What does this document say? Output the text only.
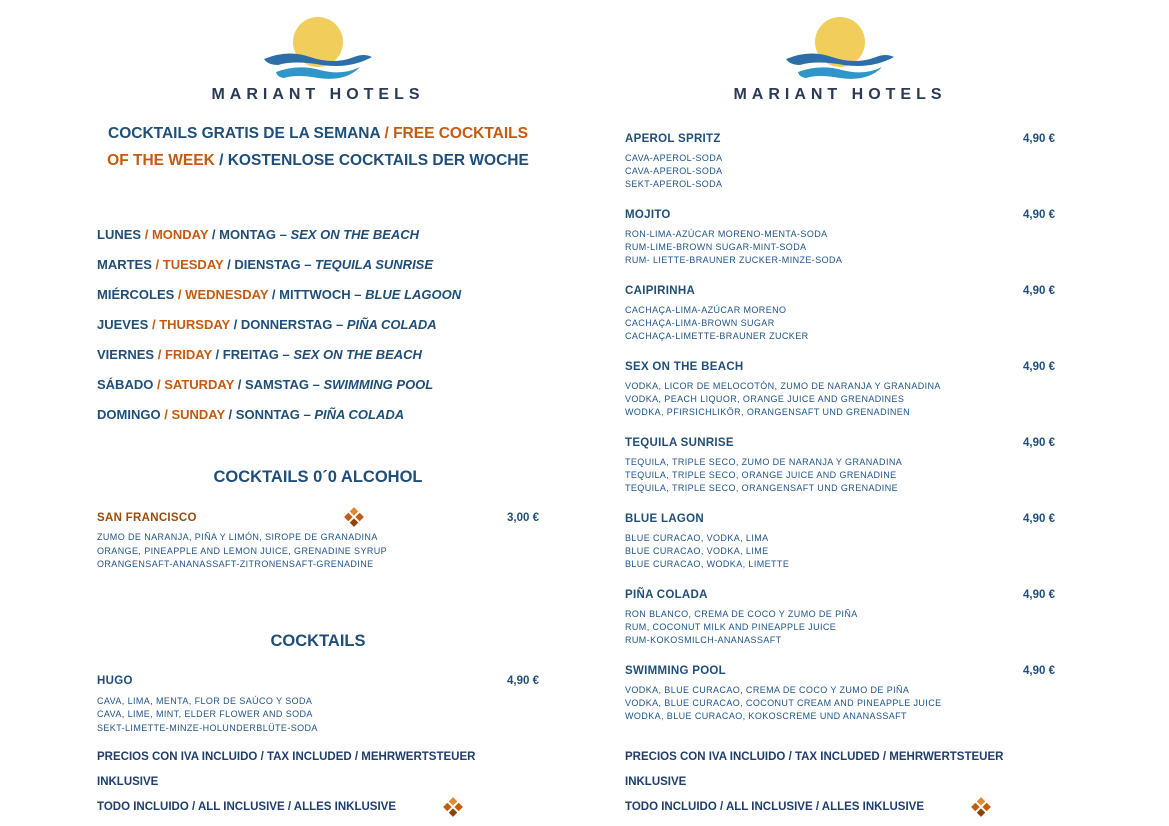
MARIANT HOTELS
COCKTAILS GRATIS DE LA SEMANA / FREE COCKTAILS OF THE WEEK / KOSTENLOSE COCKTAILS DER WOCHE
LUNES / MONDAY / MONTAG – SEX ON THE BEACH
MARTES / TUESDAY / DIENSTAG – TEQUILA SUNRISE
MIÉRCOLES / WEDNESDAY / MITTWOCH – BLUE LAGOON
JUEVES / THURSDAY / DONNERSTAG – PIÑA COLADA
VIERNES / FRIDAY / FREITAG – SEX ON THE BEACH
SÁBADO / SATURDAY / SAMSTAG – SWIMMING POOL
DOMINGO / SUNDAY / SONNTAG – PIÑA COLADA
COCKTAILS 0´0 ALCOHOL
SAN FRANCISCO	3,00 €
ZUMO DE NARANJA, PIÑA Y LIMÓN, SIROPE DE GRANADINA
ORANGE, PINEAPPLE AND LEMON JUICE, GRENADINE SYRUP
ORANGENSAFT-ANANASSAFT-ZITRONENSAFT-GRENADINE
COCKTAILS
HUGO	4,90 €
CAVA, LIMA, MENTA, FLOR DE SAÚCO Y SODA
CAVA, LIME, MINT, ELDER FLOWER AND SODA
SEKT-LIMETTE-MINZE-HOLUNDERBLÜTE-SODA
PRECIOS CON IVA INCLUIDO / TAX INCLUDED / MEHRWERTSTEUER INKLUSIVE
TODO INCLUIDO / ALL INCLUSIVE / ALLES INKLUSIVE
MARIANT HOTELS
APEROL SPRITZ	4,90 €
CAVA-APEROL-SODA
CAVA-APEROL-SODA
SEKT-APEROL-SODA
MOJITO	4,90 €
RON-LIMA-AZÚCAR MORENO-MENTA-SODA
RUM-LIME-BROWN SUGAR-MINT-SODA
RUM- LIETTE-BRAUNER ZUCKER-MINZE-SODA
CAIPIRINHA	4,90 €
CACHAÇA-LIMA-AZÚCAR MORENO
CACHAÇA-LIMA-BROWN SUGAR
CACHAÇA-LIMETTE-BRAUNER ZUCKER
SEX ON THE BEACH	4,90 €
VODKA, LICOR DE MELOCOTÓN, ZUMO DE NARANJA Y GRANADINA
VODKA, PEACH LIQUOR, ORANGE JUICE AND GRENADINES
WODKA, PFIRSICHLIKÖR, ORANGENSAFT UND GRENADINEN
TEQUILA SUNRISE	4,90 €
TEQUILA, TRIPLE SECO, ZUMO DE NARANJA Y GRANADINA
TEQUILA, TRIPLE SECO, ORANGE JUICE AND GRENADINE
TEQUILA, TRIPLE SECO, ORANGENSAFT UND GRENADINE
BLUE LAGON	4,90 €
BLUE CURACAO, VODKA, LIMA
BLUE CURACAO, VODKA, LIME
BLUE CURACAO, WODKA, LIMETTE
PIÑA COLADA	4,90 €
RON BLANCO, CREMA DE COCO Y ZUMO DE PIÑA
RUM, COCONUT MILK AND PINEAPPLE JUICE
RUM-KOKOSMILCH-ANANASSAFT
SWIMMING POOL	4,90 €
VODKA, BLUE CURACAO, CREMA DE COCO Y ZUMO DE PIÑA
VODKA, BLUE CURACAO, COCONUT CREAM AND PINEAPPLE JUICE
WODKA, BLUE CURACAO, KOKOSCREME UND ANANASSAFT
PRECIOS CON IVA INCLUIDO / TAX INCLUDED / MEHRWERTSTEUER INKLUSIVE
TODO INCLUIDO / ALL INCLUSIVE / ALLES INKLUSIVE
